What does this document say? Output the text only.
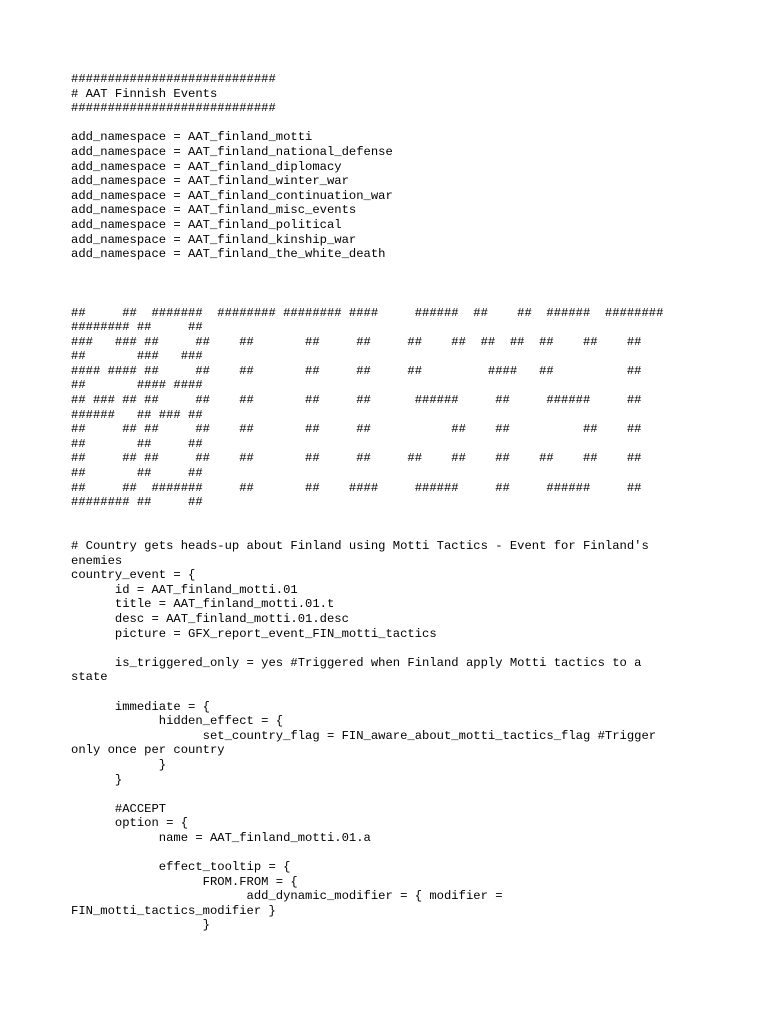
############################
# AAT Finnish Events
############################
add_namespace = AAT_finland_motti
add_namespace = AAT_finland_national_defense
add_namespace = AAT_finland_diplomacy
add_namespace = AAT_finland_winter_war
add_namespace = AAT_finland_continuation_war
add_namespace = AAT_finland_misc_events
add_namespace = AAT_finland_political
add_namespace = AAT_finland_kinship_war
add_namespace = AAT_finland_the_white_death
##     ##  #######  ######## ######## ####     ######  ##    ##  ######  ########
######## ##     ##
###   ### ##     ##    ##       ##     ##     ##    ##  ##  ##  ##    ##    ##
##       ###   ###
#### #### ##     ##    ##       ##     ##     ##         ####   ##          ##
##       #### ####
## ### ## ##     ##    ##       ##     ##      ######     ##     ######     ##
######   ## ### ##
##     ## ##     ##    ##       ##     ##           ##    ##          ##    ##
##       ##     ##
##     ## ##     ##    ##       ##     ##     ##    ##    ##    ##    ##    ##
##       ##     ##
##     ##  #######     ##       ##    ####     ######     ##     ######     ##
######## ##     ##
# Country gets heads-up about Finland using Motti Tactics - Event for Finland's
enemies
country_event = {
id = AAT_finland_motti.01
title = AAT_finland_motti.01.t
desc = AAT_finland_motti.01.desc
picture = GFX_report_event_FIN_motti_tactics
is_triggered_only = yes #Triggered when Finland apply Motti tactics to a
state
immediate = {
hidden_effect = {
set_country_flag = FIN_aware_about_motti_tactics_flag #Trigger
only once per country
}
}
#ACCEPT
option = {
name = AAT_finland_motti.01.a
effect_tooltip = {
FROM.FROM = {
add_dynamic_modifier = { modifier =
FIN_motti_tactics_modifier }
}
